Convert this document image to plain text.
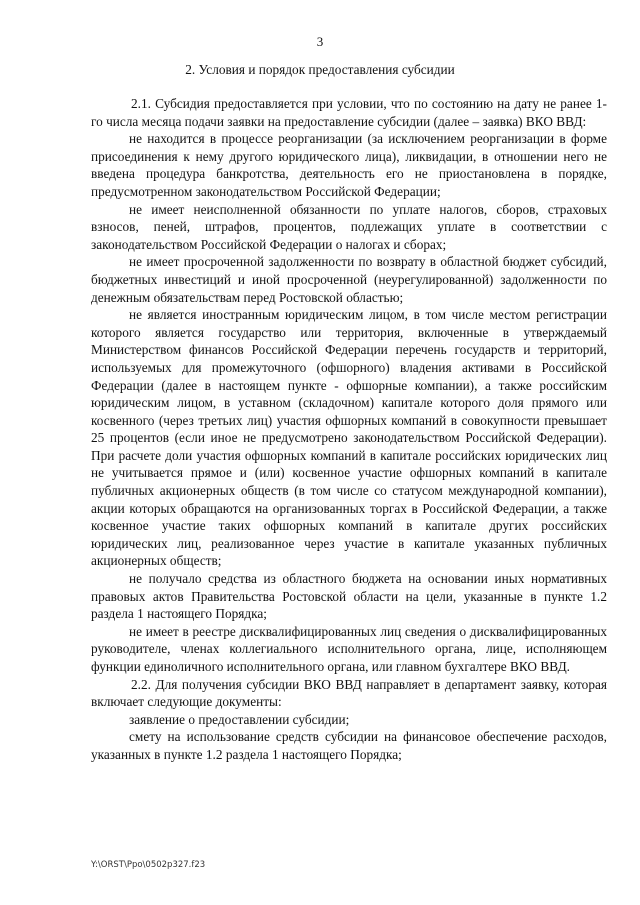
3
2. Условия и порядок предоставления субсидии

2.1. Субсидия предоставляется при условии, что по состоянию на дату не ранее 1-го числа месяца подачи заявки на предоставление субсидии (далее – заявка) ВКО ВВД:

не находится в процессе реорганизации (за исключением реорганизации в форме присоединения к нему другого юридического лица), ликвидации, в отношении него не введена процедура банкротства, деятельность его не приостановлена в порядке, предусмотренном законодательством Российской Федерации;

не имеет неисполненной обязанности по уплате налогов, сборов, страховых взносов, пеней, штрафов, процентов, подлежащих уплате в соответствии с законодательством Российской Федерации о налогах и сборах;

не имеет просроченной задолженности по возврату в областной бюджет субсидий, бюджетных инвестиций и иной просроченной (неурегулированной) задолженности по денежным обязательствам перед Ростовской областью;

не является иностранным юридическим лицом, в том числе местом регистрации которого является государство или территория, включенные в утверждаемый Министерством финансов Российской Федерации перечень государств и территорий, используемых для промежуточного (офшорного) владения активами в Российской Федерации (далее в настоящем пункте - офшорные компании), а также российским юридическим лицом, в уставном (складочном) капитале которого доля прямого или косвенного (через третьих лиц) участия офшорных компаний в совокупности превышает 25 процентов (если иное не предусмотрено законодательством Российской Федерации). При расчете доли участия офшорных компаний в капитале российских юридических лиц не учитывается прямое и (или) косвенное участие офшорных компаний в капитале публичных акционерных обществ (в том числе со статусом международной компании), акции которых обращаются на организованных торгах в Российской Федерации, а также косвенное участие таких офшорных компаний в капитале других российских юридических лиц, реализованное через участие в капитале указанных публичных акционерных обществ;

не получало средства из областного бюджета на основании иных нормативных правовых актов Правительства Ростовской области на цели, указанные в пункте 1.2 раздела 1 настоящего Порядка;

не имеет в реестре дисквалифицированных лиц сведения о дисквалифицированных руководителе, членах коллегиального исполнительного органа, лице, исполняющем функции единоличного исполнительного органа, или главном бухгалтере ВКО ВВД.

2.2. Для получения субсидии ВКО ВВД направляет в департамент заявку, которая включает следующие документы:

заявление о предоставлении субсидии;

смету на использование средств субсидии на финансовое обеспечение расходов, указанных в пункте 1.2 раздела 1 настоящего Порядка;

Y:\ORST\Ppo\0502p327.f23
